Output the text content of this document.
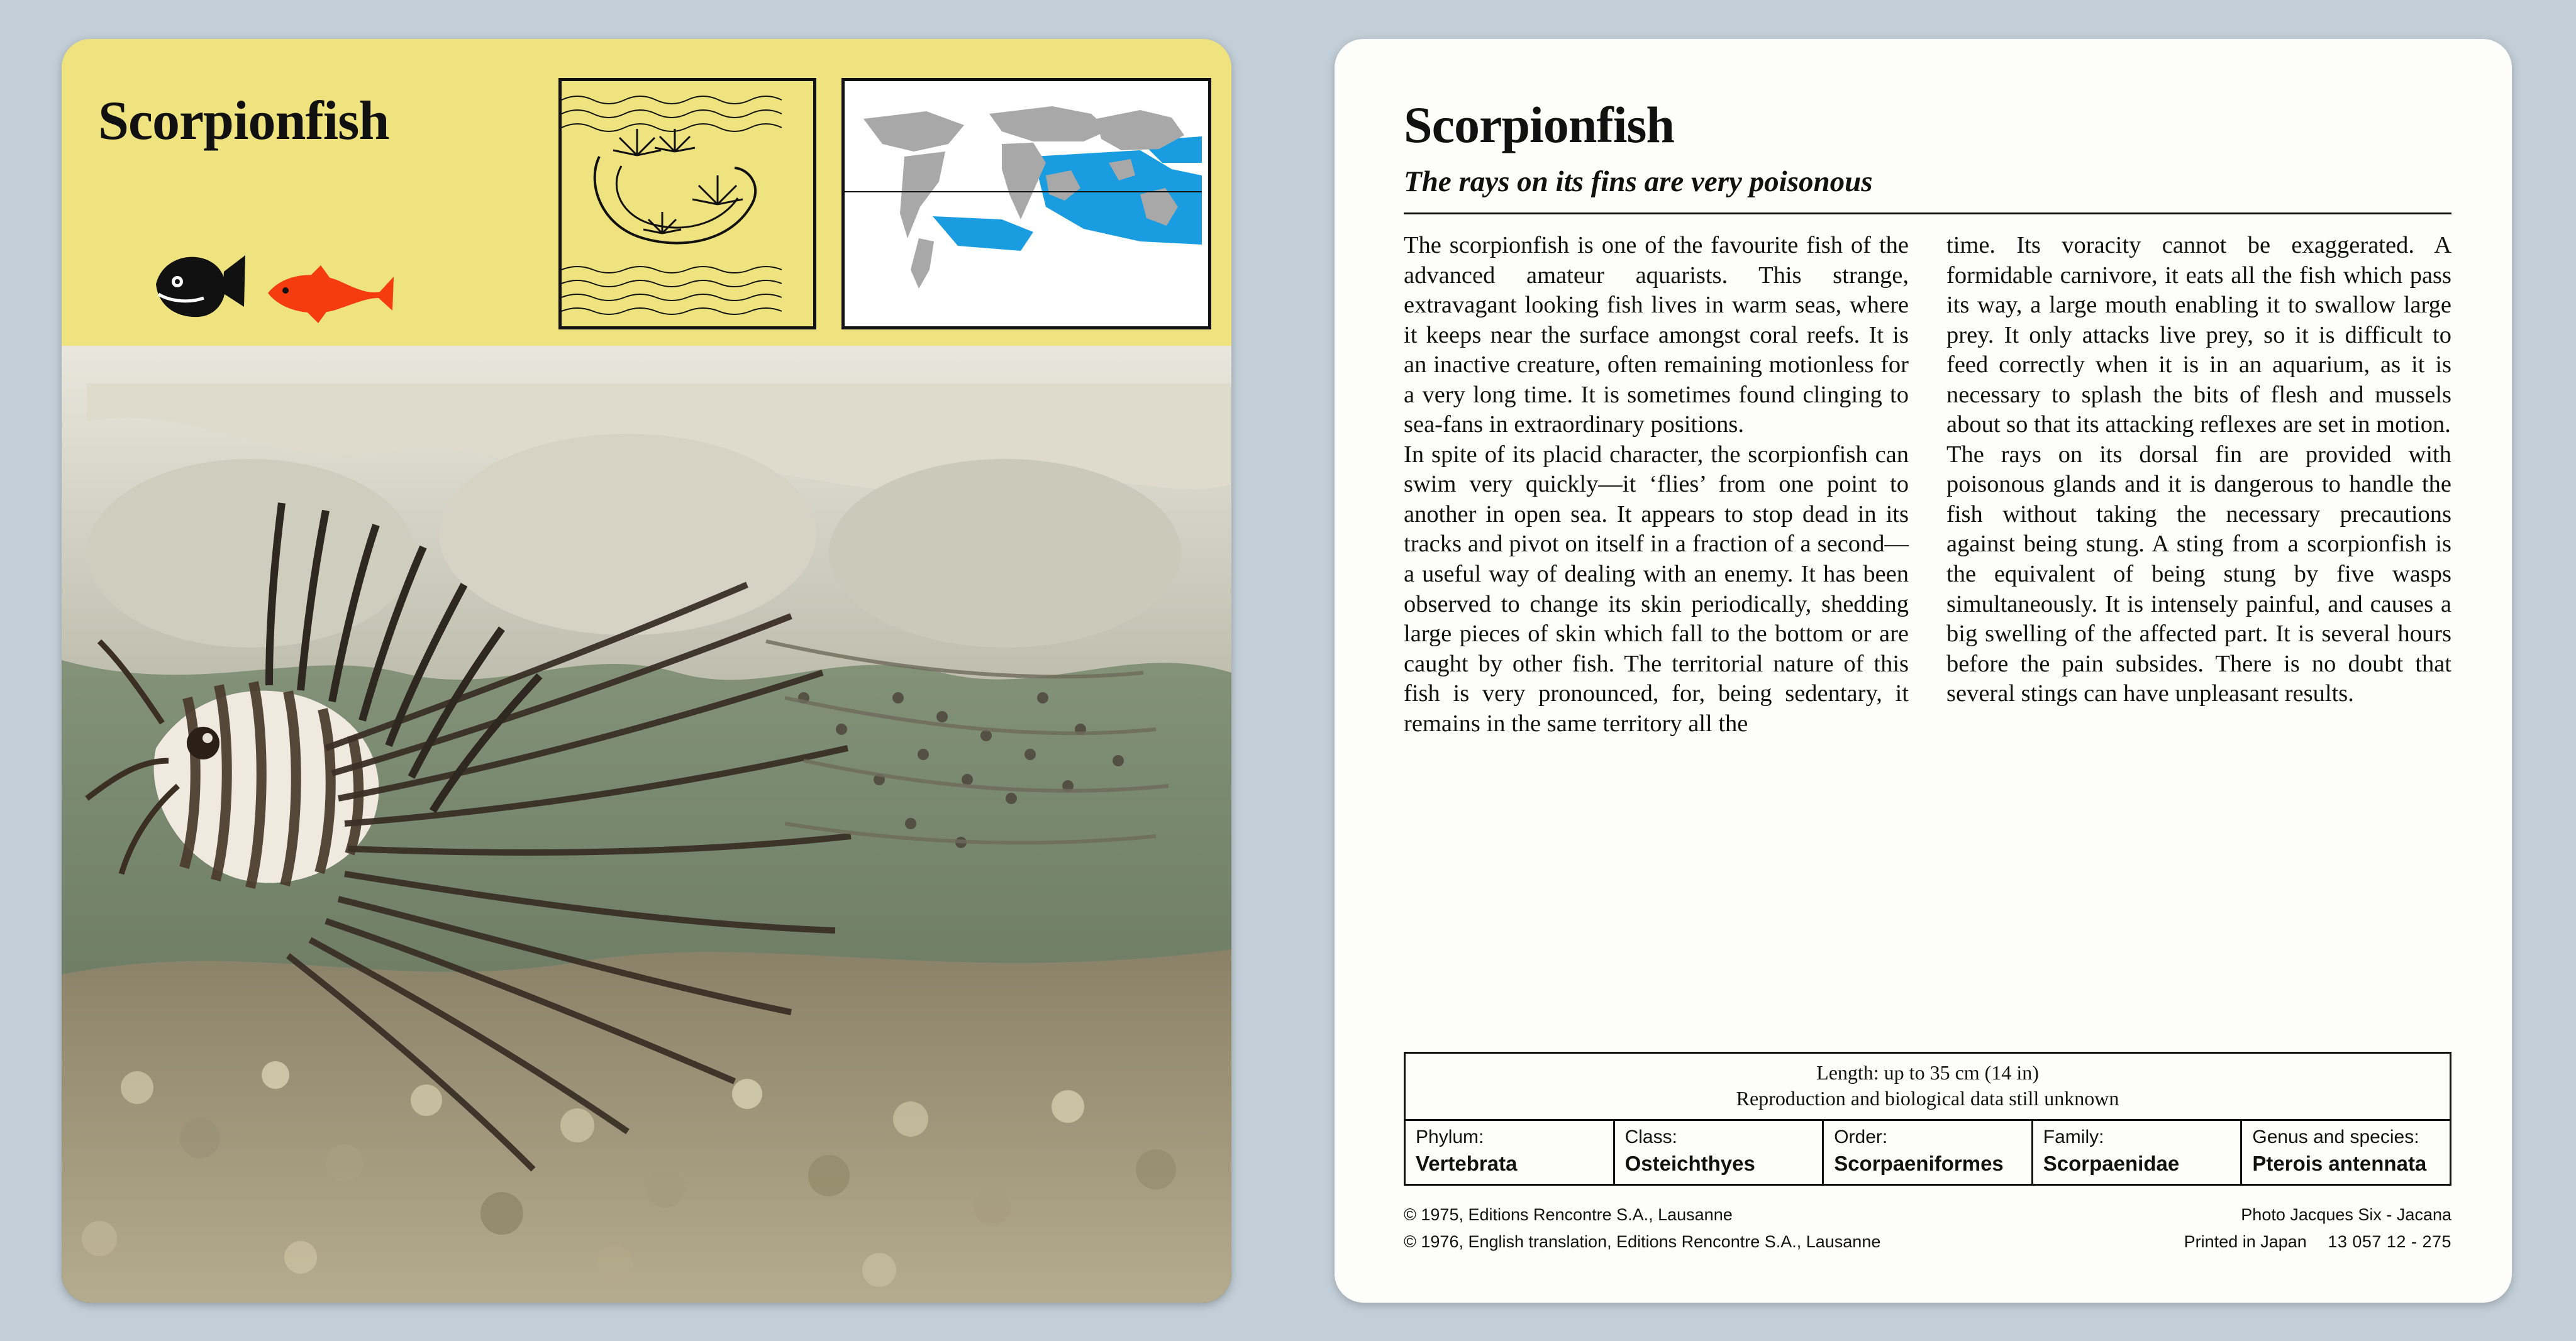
Scorpionfish	Scorpionfish
The rays on its fins are very poisonous

The scorpionfish is one of the favourite fish of the advanced amateur aquarists. This strange, extravagant looking fish lives in warm seas, where it keeps near the surface amongst coral reefs. It is an inactive creature, often remaining motionless for a very long time. It is sometimes found clinging to sea-fans in extraordinary positions.

In spite of its placid character, the scorpionfish can swim very quickly—it ‘flies’ from one point to another in open sea. It appears to stop dead in its tracks and pivot on itself in a fraction of a second—a useful way of dealing with an enemy. It has been observed to change its skin periodically, shedding large pieces of skin which fall to the bottom or are caught by other fish. The territorial nature of this fish is very pronounced, for, being sedentary, it remains in the same territory all the

time. Its voracity cannot be exaggerated. A formidable carnivore, it eats all the fish which pass its way, a large mouth enabling it to swallow large prey. It only attacks live prey, so it is difficult to feed correctly when it is in an aquarium, as it is necessary to splash the bits of flesh and mussels about so that its attacking reflexes are set in motion.

The rays on its dorsal fin are provided with poisonous glands and it is dangerous to handle the fish without taking the necessary precautions against being stung. A sting from a scorpionfish is the equivalent of being stung by five wasps simultaneously. It is intensely painful, and causes a big swelling of the affected part. It is several hours before the pain subsides. There is no doubt that several stings can have unpleasant results.

Length: up to 35 cm (14 in)
Reproduction and biological data still unknown
Phylum:
Vertebrata
Class:
Osteichthyes
Order:
Scorpaeniformes
Family:
Scorpaenidae
Genus and species:
Pterois antennata
© 1975, Editions Rencontre S.A., Lausanne
© 1976, English translation, Editions Rencontre S.A., Lausanne
Photo Jacques Six - Jacana
Printed in Japan 13 057 12 - 275
